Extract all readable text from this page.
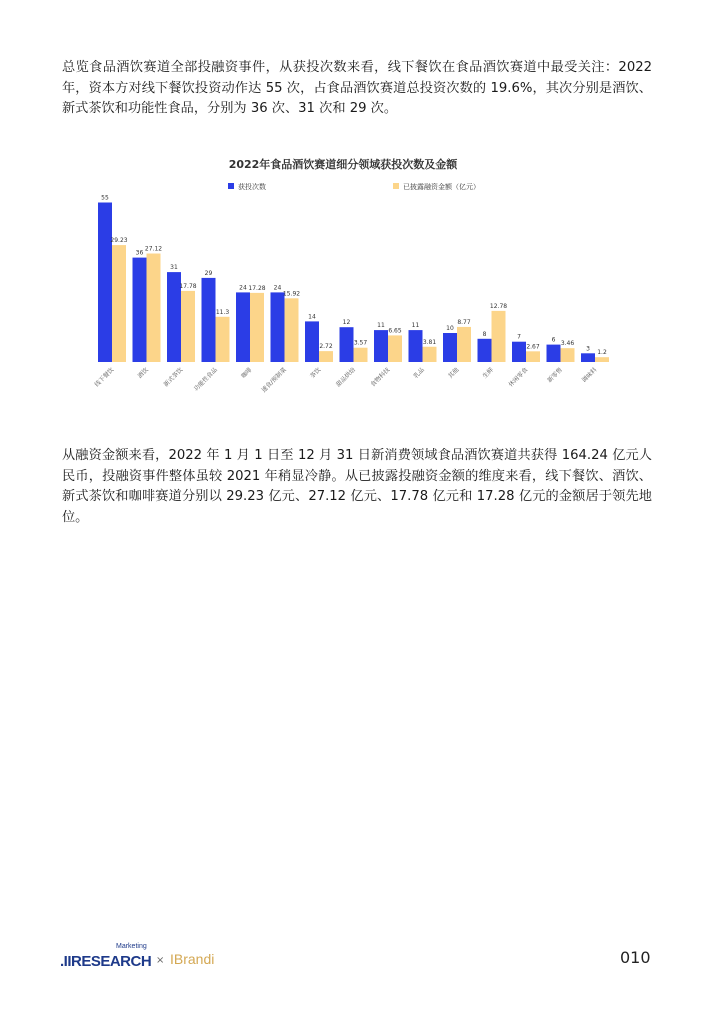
总览食品酒饮赛道全部投融资事件，从获投次数来看，线下餐饮在食品酒饮赛道中最受关注：2022 年，资本方对线下餐饮投资动作达 55 次，占食品酒饮赛道总投资次数的 19.6%，其次分别是酒饮、新式茶饮和功能性食品，分别为 36 次、31 次和 29 次。

2022年食品酒饮赛道细分领域获投次数及金额
获投次数	已披露融资金额（亿元）
55
29.23
36
27.12
31
17.78
29
11.3
24 17.28 24
15.92
14
2.72
12
3.57
11
6.65
11
3.81
10
8.77
8
12.78
7
2.67
6
3.46
3
1.2
线下餐饮	酒饮 新式茶饮 功能性食品	咖啡 速食/预制菜	茶饮 甜品烘焙 食物科技	乳品	其他	生鲜 休闲零食	新零售	调味料

从融资金额来看，2022 年 1 月 1 日至 12 月 31 日新消费领域食品酒饮赛道共获得 164.24 亿元人民币，投融资事件整体虽较 2021 年稍显冷静。从已披露投融资金额的维度来看，线下餐饮、酒饮、新式茶饮和咖啡赛道分别以 29.23 亿元、27.12 亿元、17.78 亿元和 17.28 亿元的金额居于领先地位。

Marketing
.IIRESEARCH × IBrandi	010
